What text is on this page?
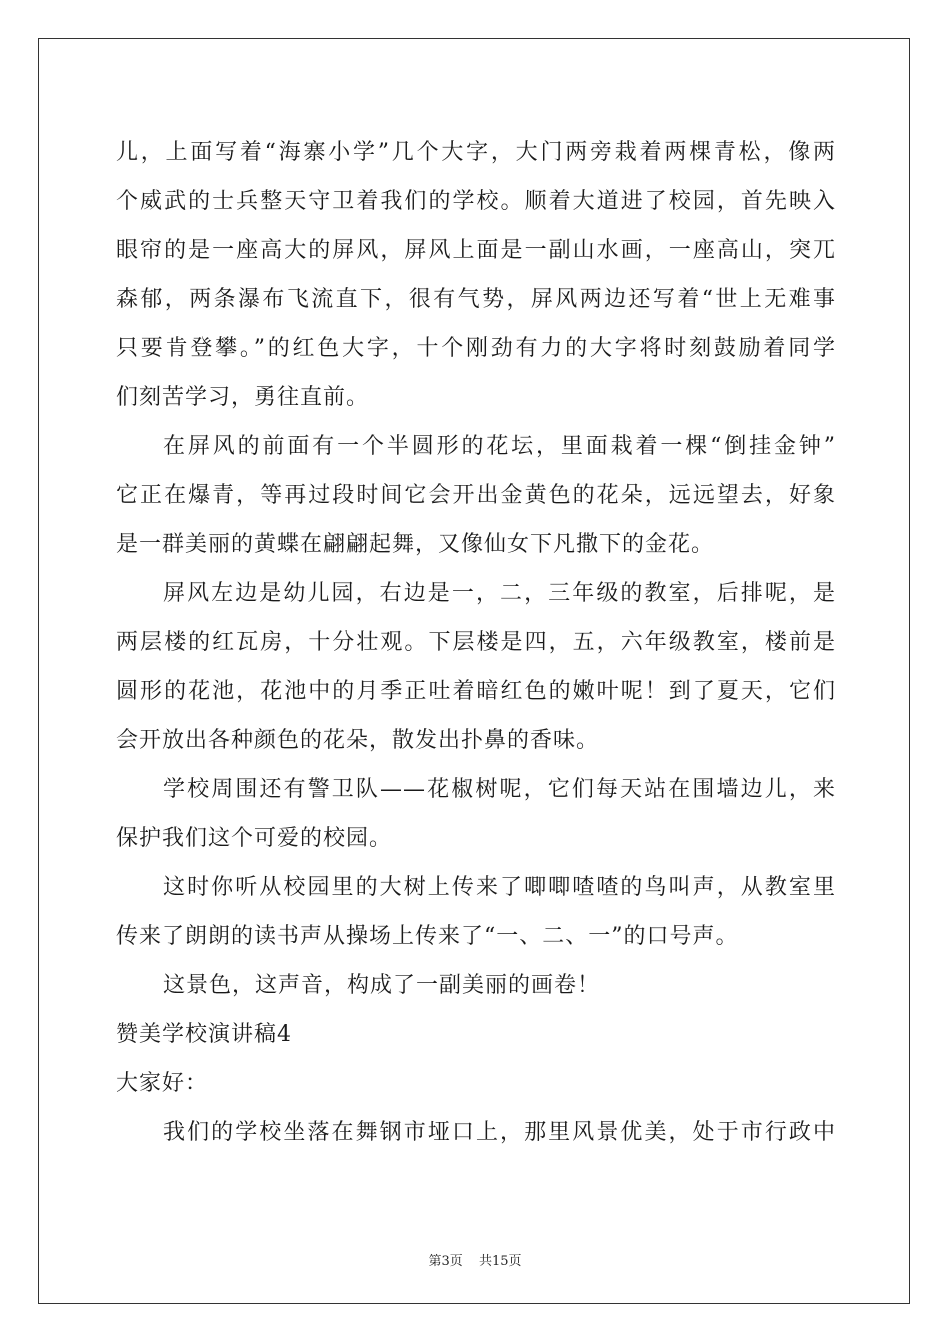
儿，上面写着“海寨小学”几个大字，大门两旁栽着两棵青松，像两
个威武的士兵整天守卫着我们的学校。顺着大道进了校园，首先映入
眼帘的是一座高大的屏风，屏风上面是一副山水画，一座高山，突兀
森郁，两条瀑布飞流直下，很有气势，屏风两边还写着“世上无难事
只要肯登攀。”的红色大字，十个刚劲有力的大字将时刻鼓励着同学
们刻苦学习，勇往直前。
在屏风的前面有一个半圆形的花坛，里面栽着一棵“倒挂金钟”
它正在爆青，等再过段时间它会开出金黄色的花朵，远远望去，好象
是一群美丽的黄蝶在翩翩起舞，又像仙女下凡撒下的金花。
屏风左边是幼儿园，右边是一，二，三年级的教室，后排呢，是
两层楼的红瓦房，十分壮观。下层楼是四，五，六年级教室，楼前是
圆形的花池，花池中的月季正吐着暗红色的嫩叶呢！到了夏天，它们
会开放出各种颜色的花朵，散发出扑鼻的香味。
学校周围还有警卫队——花椒树呢，它们每天站在围墙边儿，来
保护我们这个可爱的校园。
这时你听从校园里的大树上传来了唧唧喳喳的鸟叫声，从教室里
传来了朗朗的读书声从操场上传来了“一、二、一”的口号声。
这景色，这声音，构成了一副美丽的画卷！
赞美学校演讲稿4
大家好：
我们的学校坐落在舞钢市垭口上，那里风景优美，处于市行政中
第3页 共15页
